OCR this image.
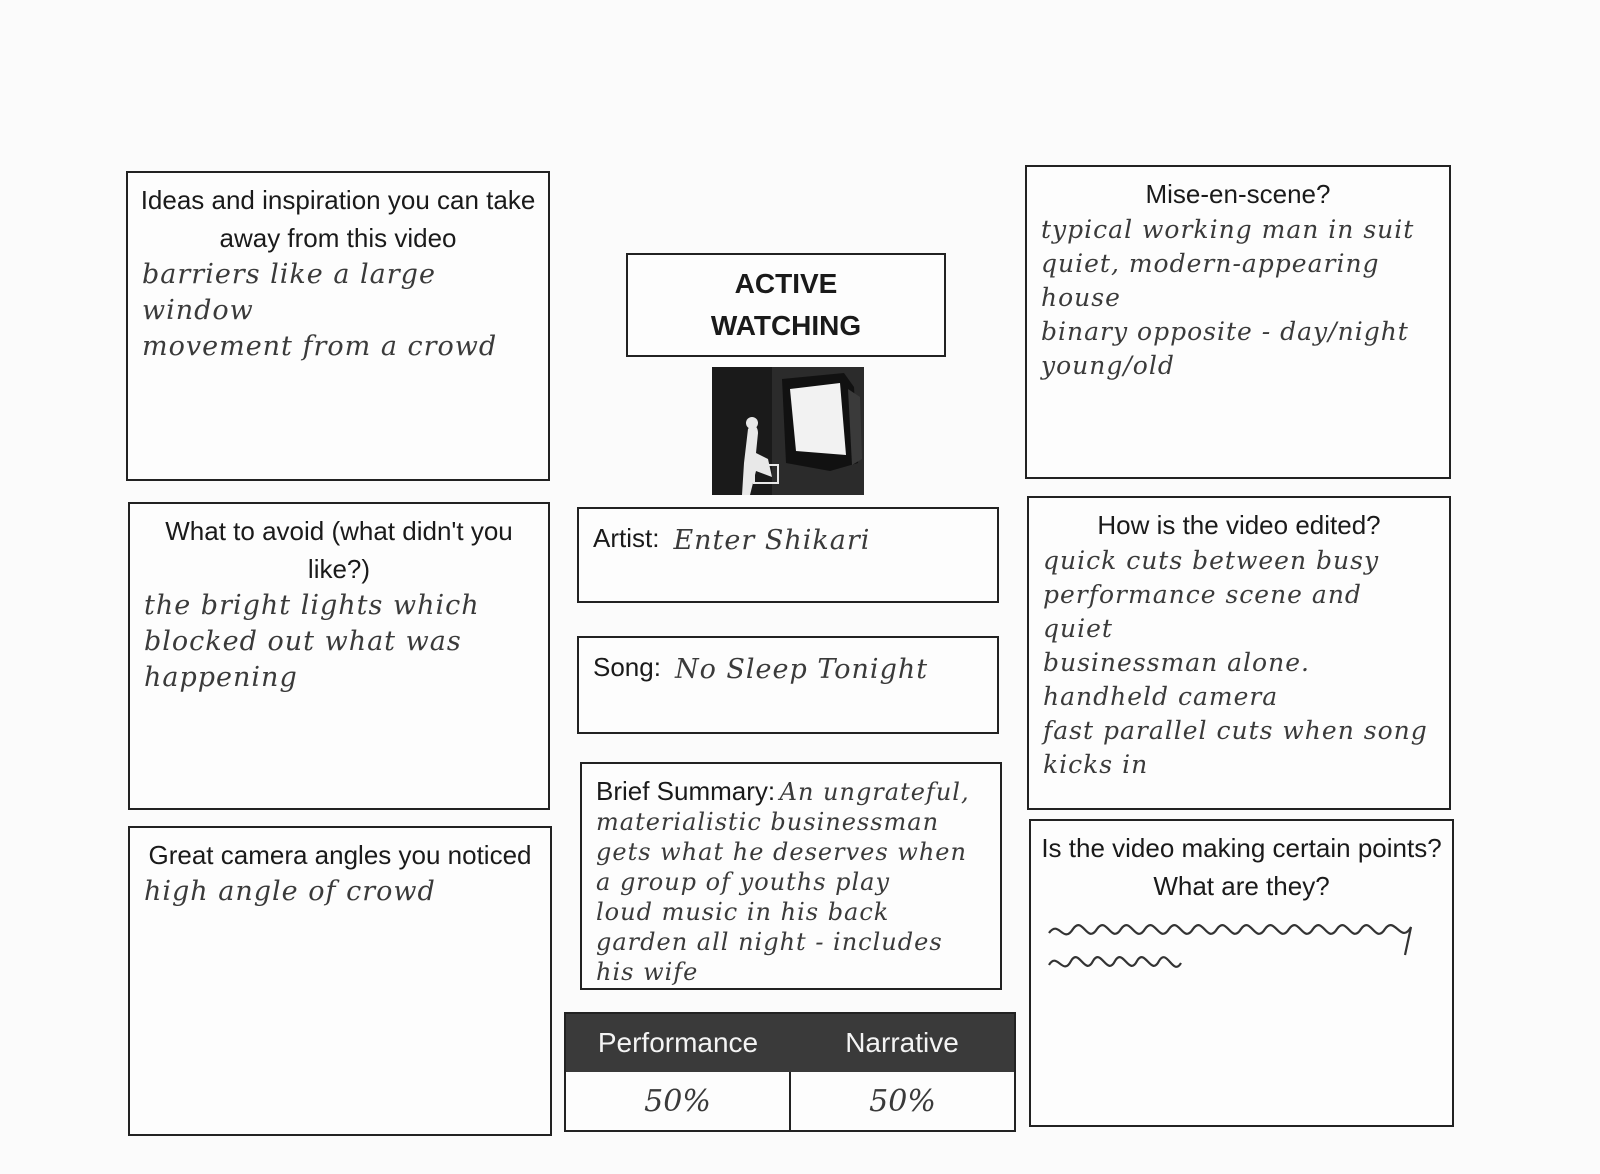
Ideas and inspiration you can take away from this video
barriers like a large window
movement from a crowd
What to avoid (what didn't you like?)
the bright lights which
blocked out what was
happening
Great camera angles you noticed
high angle of crowd
ACTIVE
WATCHING
Artist: Enter Shikari
Song: No Sleep Tonight
Brief Summary: An ungrateful,
materialistic businessman
gets what he deserves when
a group of youths play
loud music in his back
garden all night - includes his wife
Performance	Narrative
50%	50%
Mise-en-scene?
typical working man in suit
quiet, modern-appearing house
binary opposite - day/night
young/old
How is the video edited?
quick cuts between busy
performance scene and quiet
businessman alone.
handheld camera
fast parallel cuts when song kicks in
Is the video making certain points? What are they?
